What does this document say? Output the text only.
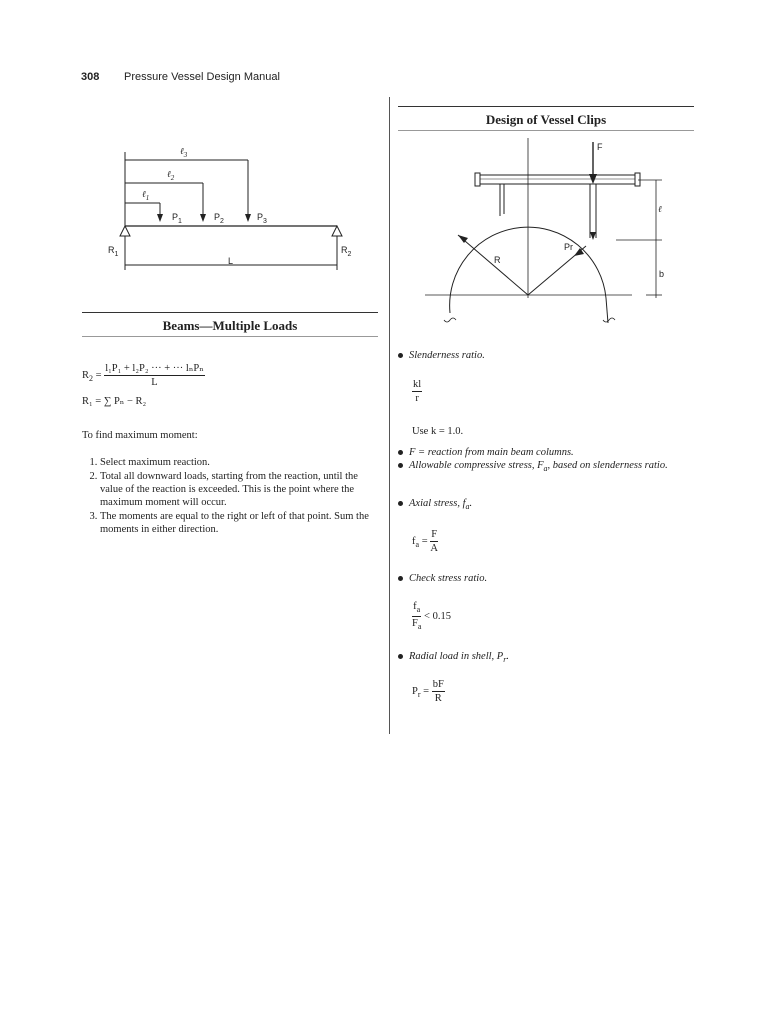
308 Pressure Vessel Design Manual
ℓ$_3$
ℓ$_2$
ℓ$_1$
$P_1$	$P_2$	$P_3$
$R_1$	$R_2$
L
Beams—Multiple Loads
$R_2 = \frac{\text{l₁P₁ + l₂P₂ ··· + ··· lₙPₙ}}{L}$
R₁ = ∑ Pₙ − R₂
To find maximum moment:
1. Select maximum reaction.
2. Total all downward loads, starting from the reaction, until the value of the reaction is exceeded. This is the point where the maximum moment will occur.
3. The moments are equal to the right or left of that point. Sum the moments in either direction.
Design of Vessel Clips
F
R
Pr
ℓ
b
Slenderness ratio.
$\frac{kl}{r}$
Use k = 1.0.
F = reaction from main beam columns.
Allowable compressive stress, $F_a$, based on slenderness ratio.
Axial stress, $f_a$.
$f_a = \frac{F}{A}$
Check stress ratio.
$\frac{f_a}{F_a} < 0.15$
Radial load in shell, $P_r$.
$P_r = \frac{bF}{R}$
